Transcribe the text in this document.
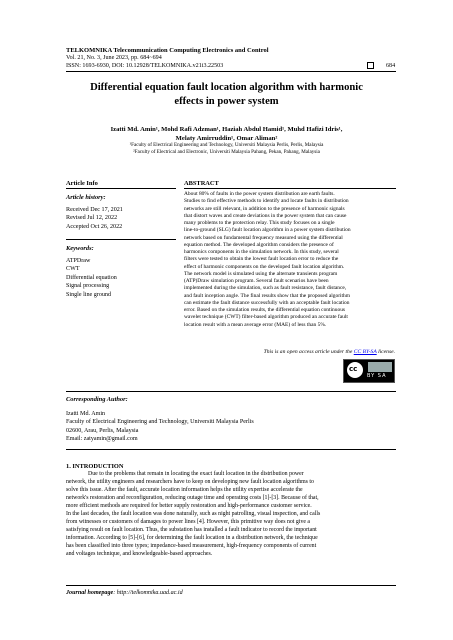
TELKOMNIKA Telecommunication Computing Electronics and Control
Vol. 21, No. 3, June 2023, pp. 684~694
ISSN: 1693-6930, DOI: 10.12928/TELKOMNIKA.v21i3.22503	684
Differential equation fault location algorithm with harmonic
effects in power system
Izatti Md. Amin¹, Mohd Rafi Adzman¹, Haziah Abdul Hamid¹, Muhd Hafizi Idris¹,
Melaty Amirruddin¹, Omar Aliman²
¹Faculty of Electrical Engineering and Technology, Universiti Malaysia Perlis, Perlis, Malaysia
²Faculty of Electrical and Electronic, Universiti Malaysia Pahang, Pekan, Pahang, Malaysia
Article Info
Article history:
Received Dec 17, 2021
Revised Jul 12, 2022
Accepted Oct 26, 2022
Keywords:
ATPDraw
CWT
Differential equation
Signal processing
Single line ground
ABSTRACT
About 80% of faults in the power system distribution are earth faults.
Studies to find effective methods to identify and locate faults in distribution
networks are still relevant, in addition to the presence of harmonic signals
that distort waves and create deviations in the power system that can cause
many problems to the protection relay. This study focuses on a single
line-to-ground (SLG) fault location algorithm in a power system distribution
network based on fundamental frequency measured using the differential
equation method. The developed algorithm considers the presence of
harmonics components in the simulation network. In this study, several
filters were tested to obtain the lowest fault location error to reduce the
effect of harmonic components on the developed fault location algorithm.
The network model is simulated using the alternate transients program
(ATP)Draw simulation program. Several fault scenarios have been
implemented during the simulation, such as fault resistance, fault distance,
and fault inception angle. The final results show that the proposed algorithm
can estimate the fault distance successfully with an acceptable fault location
error. Based on the simulation results, the differential equation continuous
wavelet technique (CWT) filter-based algorithm produced an accurate fault
location result with a mean average error (MAE) of less than 5%.
This is an open access article under the CC BY-SA license.
cc
BY SA
Corresponding Author:
Izatti Md. Amin
Faculty of Electrical Engineering and Technology, Universiti Malaysia Perlis
02600, Arau, Perlis, Malaysia
Email: zatyamin@gmail.com
1. INTRODUCTION
Due to the problems that remain in locating the exact fault location in the distribution power
network, the utility engineers and researchers have to keep on developing new fault location algorithms to
solve this issue. After the fault, accurate location information helps the utility expertise accelerate the
network's restoration and reconfiguration, reducing outage time and operating costs [1]-[3]. Because of that,
more efficient methods are required for better supply restoration and high-performance customer service.
In the last decades, the fault location was done naturally, such as night patrolling, visual inspection, and calls
from witnesses or customers of damages to power lines [4]. However, this primitive way does not give a
satisfying result on fault location. Thus, the substation has installed a fault indicator to record the important
information. According to [5]-[6], for determining the fault location in a distribution network, the technique
has been classified into three types; impedance-based measurement, high-frequency components of current
and voltages technique, and knowledgeable-based approaches.
Journal homepage: http://telkomnika.uad.ac.id
